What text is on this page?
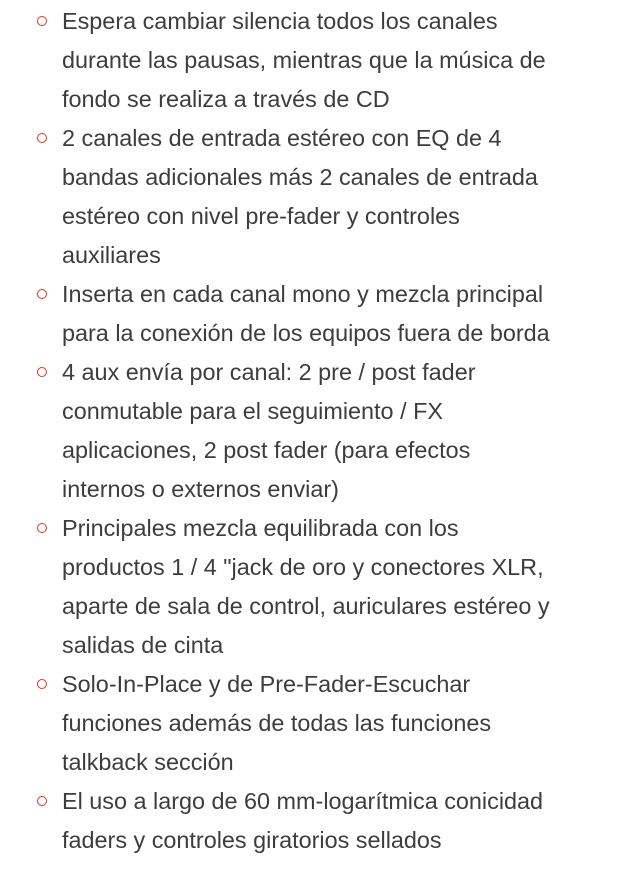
Espera cambiar silencia todos los canales
durante las pausas, mientras que la música de
fondo se realiza a través de CD
2 canales de entrada estéreo con EQ de 4
bandas adicionales más 2 canales de entrada
estéreo con nivel pre-fader y controles
auxiliares
Inserta en cada canal mono y mezcla principal
para la conexión de los equipos fuera de borda
4 aux envía por canal: 2 pre / post fader
conmutable para el seguimiento / FX
aplicaciones, 2 post fader (para efectos
internos o externos enviar)
Principales mezcla equilibrada con los
productos 1 / 4 "jack de oro y conectores XLR,
aparte de sala de control, auriculares estéreo y
salidas de cinta
Solo-In-Place y de Pre-Fader-Escuchar
funciones además de todas las funciones
talkback sección
El uso a largo de 60 mm-logarítmica conicidad
faders y controles giratorios sellados
